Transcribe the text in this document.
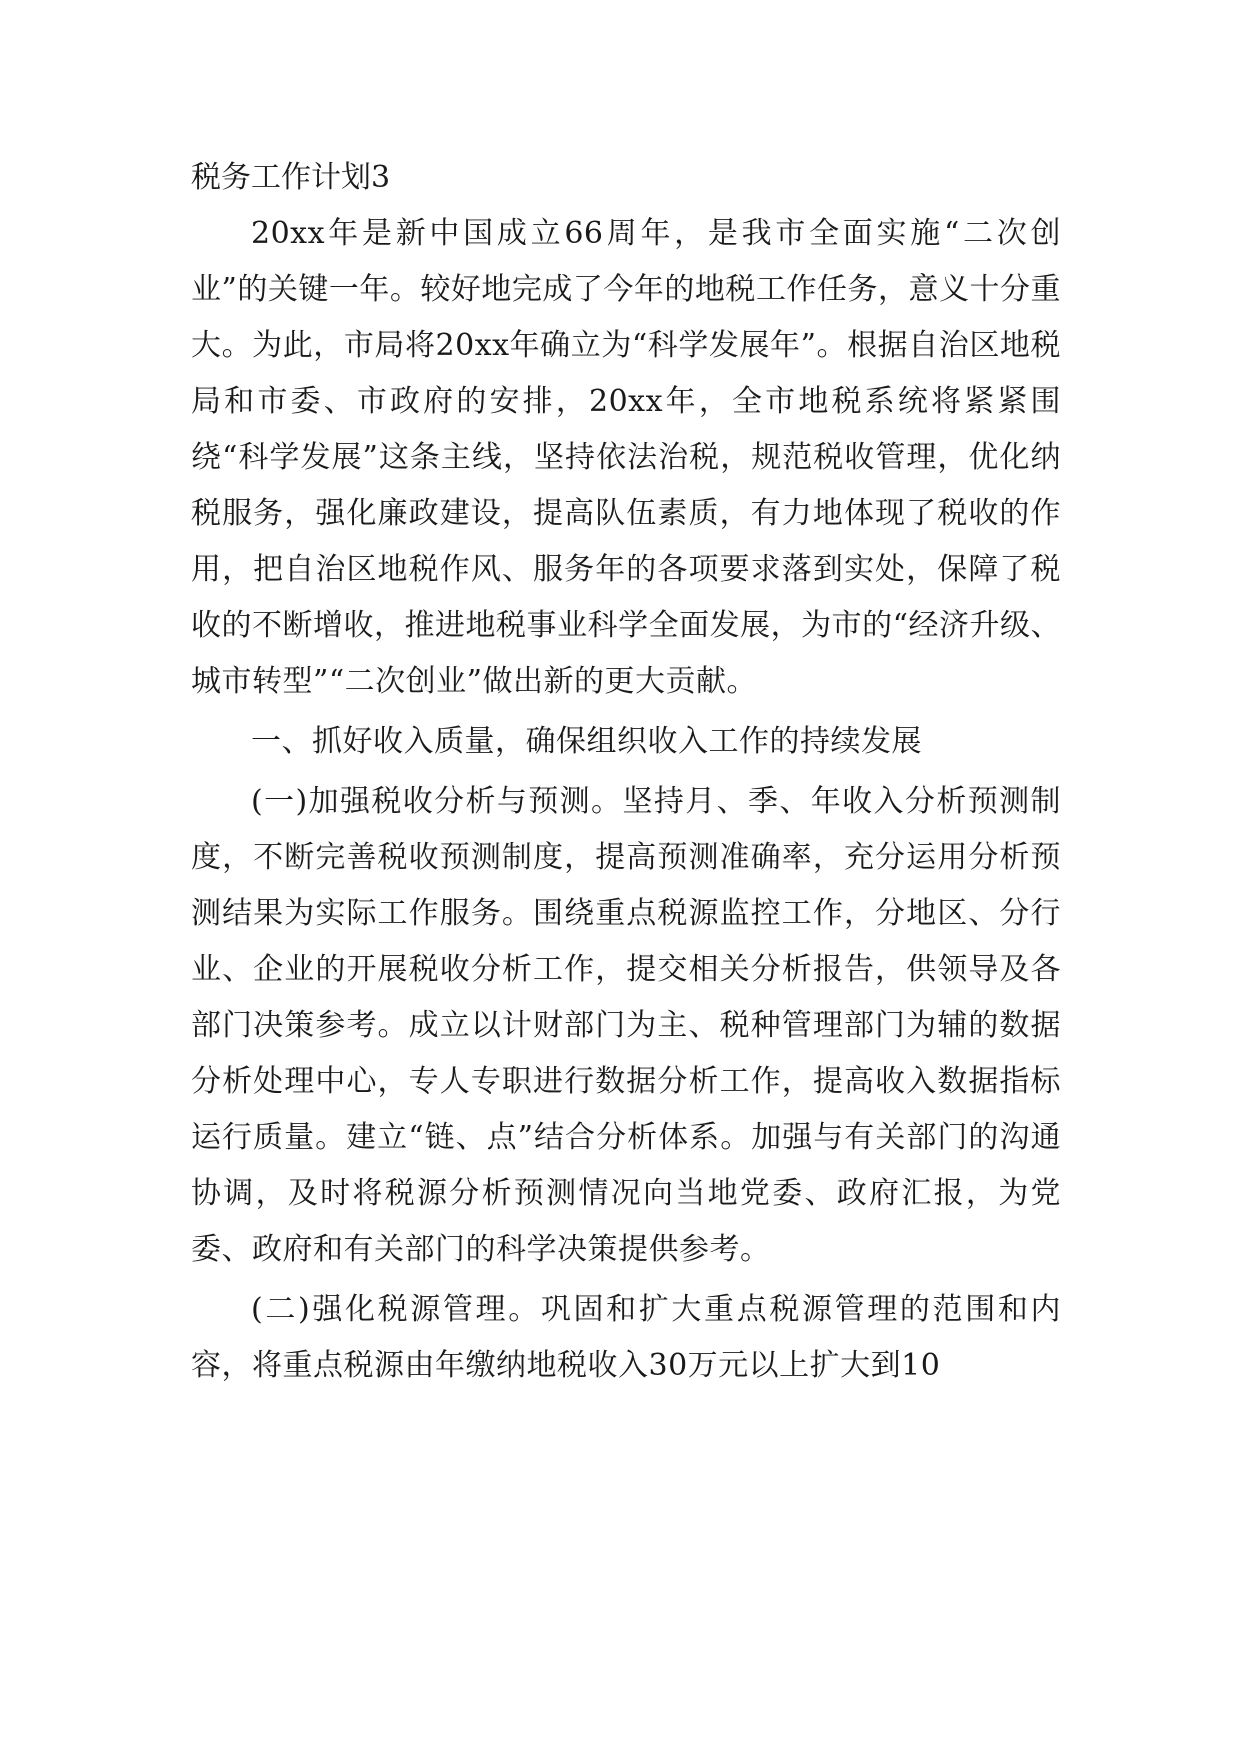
税务工作计划3

20xx年是新中国成立66周年，是我市全面实施“二次创业”的关键一年。较好地完成了今年的地税工作任务，意义十分重大。为此，市局将20xx年确立为“科学发展年”。根据自治区地税局和市委、市政府的安排，20xx年，全市地税系统将紧紧围绕“科学发展”这条主线，坚持依法治税，规范税收管理，优化纳税服务，强化廉政建设，提高队伍素质，有力地体现了税收的作用，把自治区地税作风、服务年的各项要求落到实处，保障了税收的不断增收，推进地税事业科学全面发展，为市的“经济升级、城市转型”“二次创业”做出新的更大贡献。

一、抓好收入质量，确保组织收入工作的持续发展

(一)加强税收分析与预测。坚持月、季、年收入分析预测制度，不断完善税收预测制度，提高预测准确率，充分运用分析预测结果为实际工作服务。围绕重点税源监控工作，分地区、分行业、企业的开展税收分析工作，提交相关分析报告，供领导及各部门决策参考。成立以计财部门为主、税种管理部门为辅的数据分析处理中心，专人专职进行数据分析工作，提高收入数据指标运行质量。建立“链、点”结合分析体系。加强与有关部门的沟通协调，及时将税源分析预测情况向当地党委、政府汇报，为党委、政府和有关部门的科学决策提供参考。

(二)强化税源管理。巩固和扩大重点税源管理的范围和内容，将重点税源由年缴纳地税收入30万元以上扩大到10
